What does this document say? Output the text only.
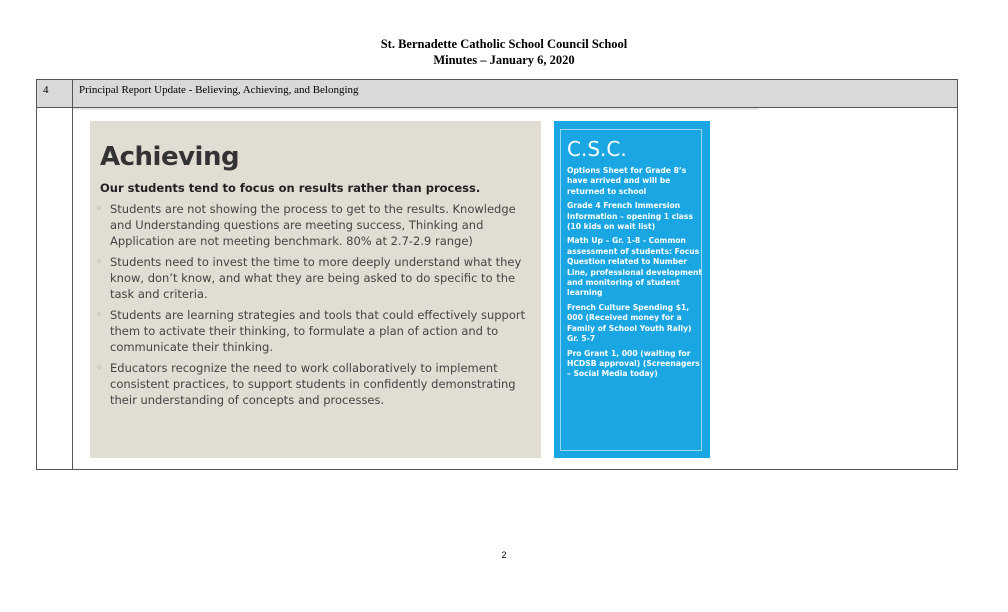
St. Bernadette Catholic School Council School
Minutes – January 6, 2020
4	Principal Report Update - Believing, Achieving, and Belonging
Achieving
Our students tend to focus on results rather than process.
◦ Students are not showing the process to get to the results. Knowledge and Understanding questions are meeting success, Thinking and Application are not meeting benchmark. 80% at 2.7-2.9 range)
◦ Students need to invest the time to more deeply understand what they know, don’t know, and what they are being asked to do specific to the task and criteria.
◦ Students are learning strategies and tools that could effectively support them to activate their thinking, to formulate a plan of action and to communicate their thinking.
◦ Educators recognize the need to work collaboratively to implement consistent practices, to support students in confidently demonstrating their understanding of concepts and processes.
C.S.C.
Options Sheet for Grade 8’s have arrived and will be returned to school
Grade 4 French Immersion Information – opening 1 class (10 kids on wait list)
Math Up – Gr. 1-8 - Common assessment of students: Focus Question related to Number Line, professional development and monitoring of student learning
French Culture Spending $1, 000 (Received money for a Family of School Youth Rally) Gr. 5-7
Pro Grant 1, 000 (waiting for HCDSB approval) (Screenagers – Social Media today)
2
